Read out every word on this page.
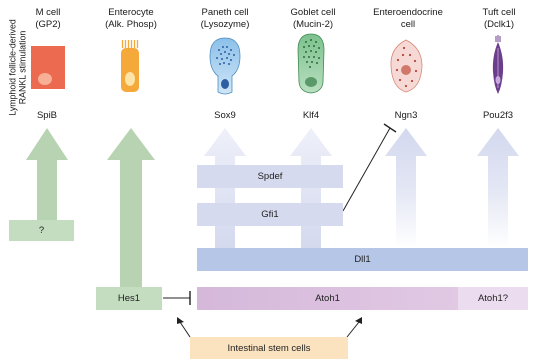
Lymphoid follicle-derived RANKL stimulation
M cell
(GP2)
Enterocyte
(Alk. Phosp)
Paneth cell
(Lysozyme)
Goblet cell
(Mucin-2)
Enteroendocrine
cell
Tuft cell
(Dclk1)
SpiB	Sox9	Klf4	Ngn3	Pou2f3
?
Spdef
Gfi1
Dll1
Hes1	Atoh1	Atoh1?
Intestinal stem cells
